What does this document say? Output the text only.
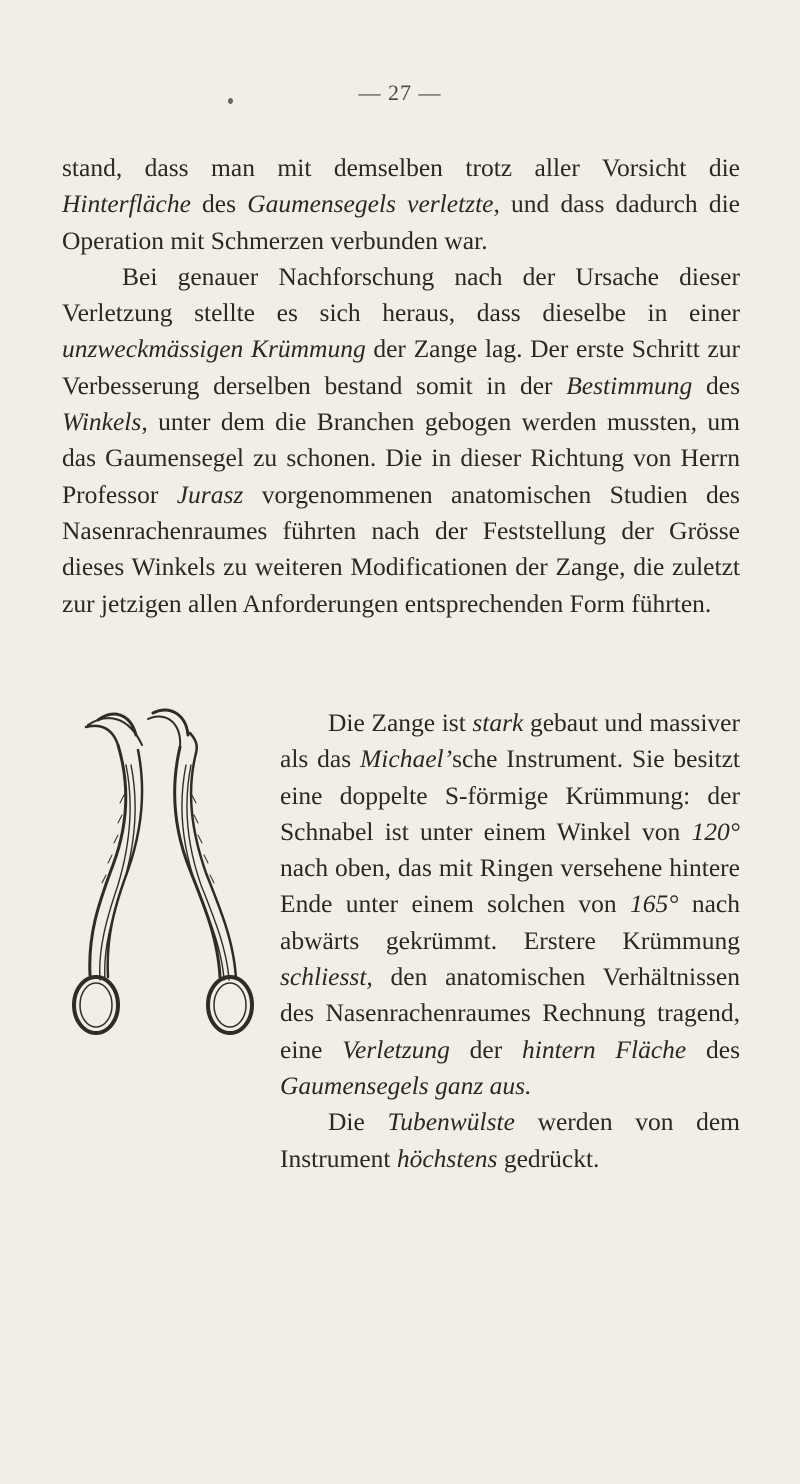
— 27 —

stand, dass man mit demselben trotz aller Vorsicht die Hinterfläche des Gaumensegels verletzte, und dass dadurch die Operation mit Schmerzen verbunden war.

Bei genauer Nachforschung nach der Ursache dieser Verletzung stellte es sich heraus, dass dieselbe in einer unzweckmässigen Krümmung der Zange lag. Der erste Schritt zur Verbesserung derselben bestand somit in der Bestimmung des Winkels, unter dem die Branchen gebogen werden mussten, um das Gaumensegel zu schonen. Die in dieser Richtung von Herrn Professor Jurasz vorgenommenen anatomischen Studien des Nasenrachenraumes führten nach der Feststellung der Grösse dieses Winkels zu weiteren Modificationen der Zange, die zuletzt zur jetzigen allen Anforderungen entsprechenden Form führten.

Die Zange ist stark gebaut und massiver als das Michael’sche Instrument. Sie besitzt eine doppelte S-förmige Krümmung: der Schnabel ist unter einem Winkel von 120° nach oben, das mit Ringen versehene hintere Ende unter einem solchen von 165° nach abwärts gekrümmt. Erstere Krümmung schliesst, den anatomischen Verhältnissen des Nasenrachenraumes Rechnung tragend, eine Verletzung der hintern Fläche des Gaumensegels ganz aus.

Die Tubenwülste werden von dem Instrument höchstens gedrückt.
